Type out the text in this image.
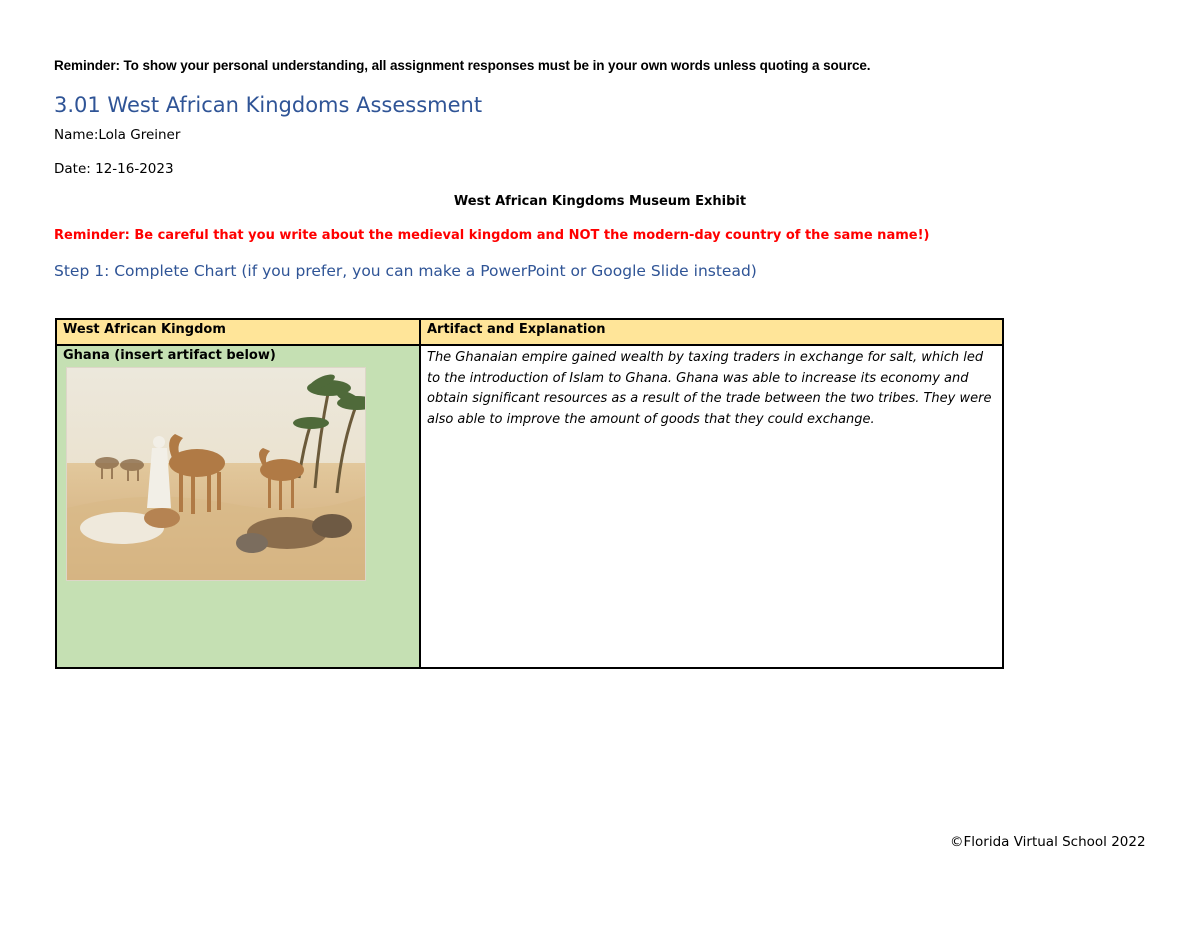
Reminder: To show your personal understanding, all assignment responses must be in your own words unless quoting a source.
3.01 West African Kingdoms Assessment
Name:Lola Greiner
Date: 12-16-2023
West African Kingdoms Museum Exhibit
Reminder: Be careful that you write about the medieval kingdom and NOT the modern-day country of the same name!)
Step 1: Complete Chart (if you prefer, you can make a PowerPoint or Google Slide instead)
West African Kingdom	Artifact and Explanation

Ghana (insert artifact below)	The Ghanaian empire gained wealth by taxing traders in exchange for salt, which led to the introduction of Islam to Ghana. Ghana was able to increase its economy and obtain significant resources as a result of the trade between the two tribes. They were also able to improve the amount of goods that they could exchange.
©Florida Virtual School 2022
